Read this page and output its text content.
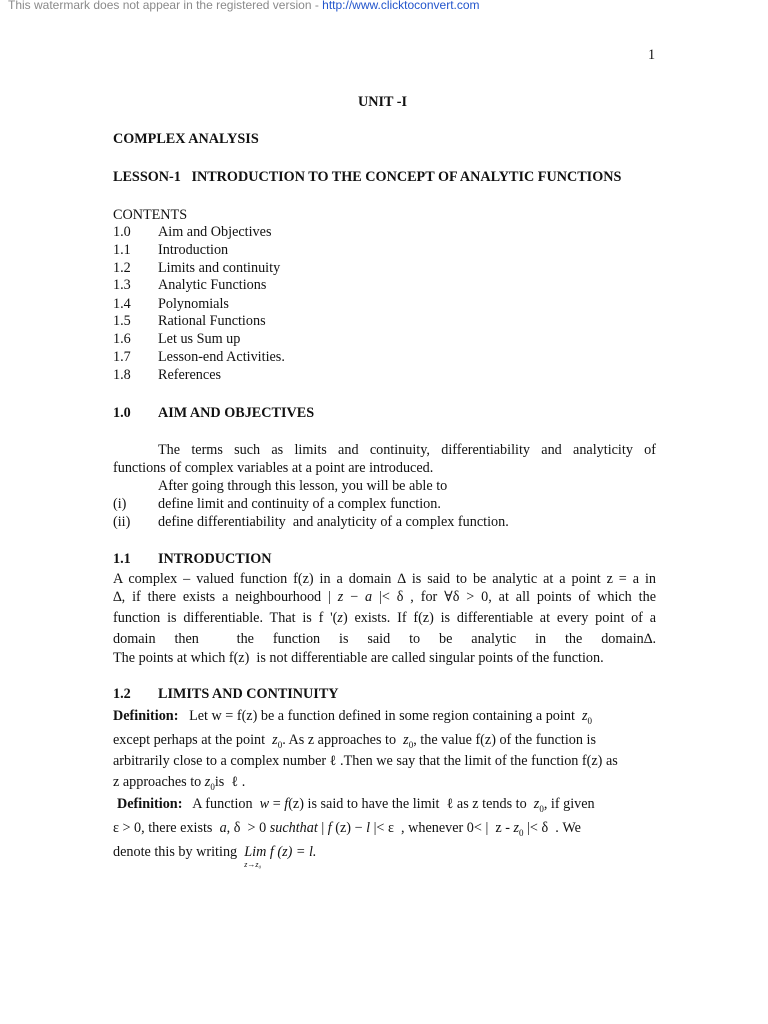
This watermark does not appear in the registered version - http://www.clicktoconvert.com
1
UNIT -I
COMPLEX ANALYSIS
LESSON-1   INTRODUCTION TO THE CONCEPT OF ANALYTIC FUNCTIONS
CONTENTS
1.0 Aim and Objectives
1.1 Introduction
1.2 Limits and continuity
1.3 Analytic Functions
1.4 Polynomials
1.5 Rational Functions
1.6 Let us Sum up
1.7 Lesson-end Activities.
1.8 References
1.0 AIM AND OBJECTIVES
The terms such as limits and continuity, differentiability and analyticity of
functions of complex variables at a point are introduced.
After going through this lesson, you will be able to
(i) define limit and continuity of a complex function.
(ii) define differentiability  and analyticity of a complex function.
1.1 INTRODUCTION
A complex – valued function f(z) in a domain ∆ is said to be analytic at a point z = a in
∆, if there exists a neighbourhood | z − a |< δ , for ∀δ > 0, at all points of which the
function is differentiable. That is f '(z) exists. If f(z) is differentiable at every point of a
domain  then    the  function  is  said  to  be  analytic  in  the  domain∆.
The points at which f(z)  is not differentiable are called singular points of the function.
1.2 LIMITS AND CONTINUITY
Definition:   Let w = f(z) be a function defined in some region containing a point  $z_0$
except perhaps at the point  $z_0$. As z approaches to  $z_0$, the value f(z) of the function is
arbitrarily close to a complex number ℓ .Then we say that the limit of the function f(z) as
z approaches to $z_0is$  ℓ .
Definition:   A function  w = f(z) is said to have the limit  ℓ as z tends to  $z_0$, if given
ε > 0, there exists  a, δ  > 0 suchthat | f (z) − l |< ε  , whenever 0< |  z - $z_0$ |< δ  . We
denote this by writing  Lim
z→z₀
f (z) = l.
